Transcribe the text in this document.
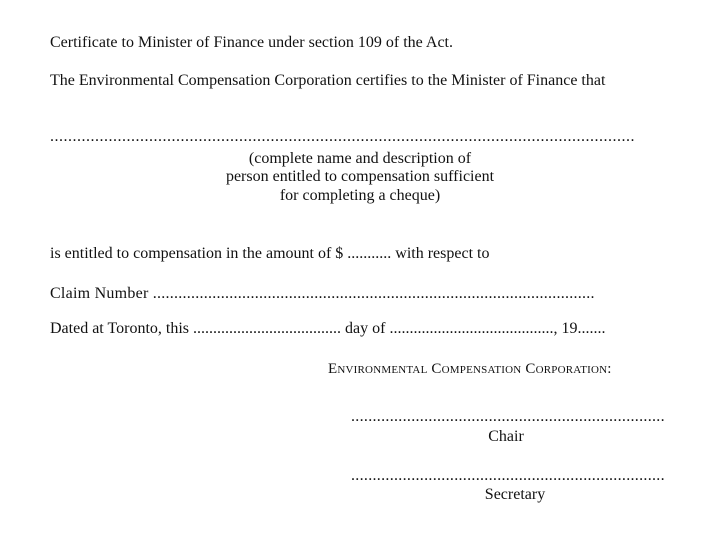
Certificate to Minister of Finance under section 109 of the Act.
The Environmental Compensation Corporation certifies to the Minister of Finance that
..................................................................................................................................
(complete name and description of
person entitled to compensation sufficient
for completing a cheque)
is entitled to compensation in the amount of $ ........... with respect to
Claim Number ........................................................................................................
Dated at Toronto, this ..................................... day of ........................................., 19.......
Environmental Compensation Corporation:
.........................................................................
Chair
.........................................................................
Secretary
